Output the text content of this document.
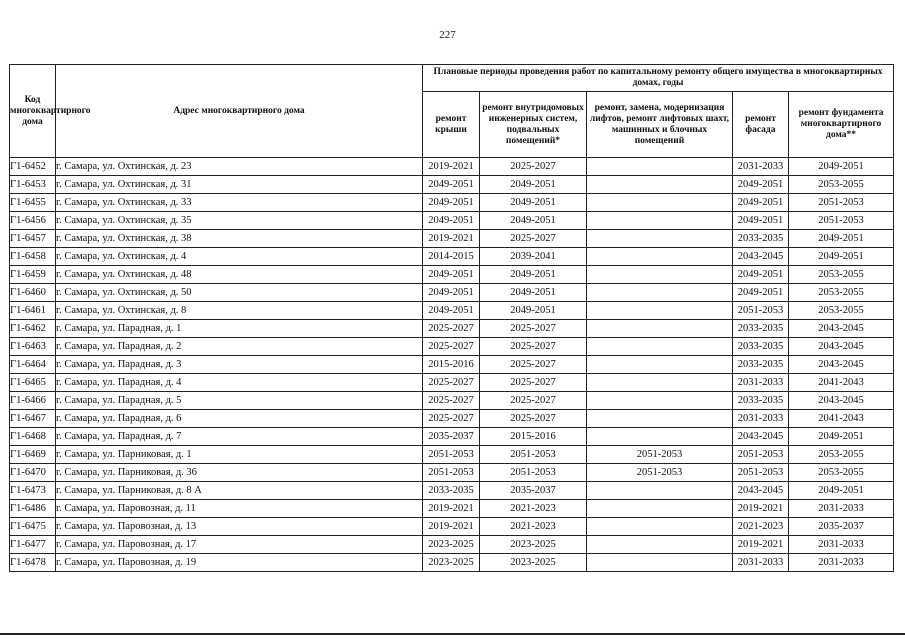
227
Код многоквартирного дома	Адрес многоквартирного дома	Плановые периоды проведения работ по капитальному ремонту общего имущества в многоквартирных домах, годы				
		ремонт крыши	ремонт внутридомовых инженерных систем, подвальных помещений*	ремонт, замена, модернизация лифтов, ремонт лифтовых шахт, машинных и блочных помещений	ремонт фасада	ремонт фундамента многоквартирного дома**
Г1-6452	г. Самара, ул. Охтинская, д. 23	2019-2021	2025-2027		2031-2033	2049-2051
Г1-6453	г. Самара, ул. Охтинская, д. 31	2049-2051	2049-2051		2049-2051	2053-2055
Г1-6455	г. Самара, ул. Охтинская, д. 33	2049-2051	2049-2051		2049-2051	2051-2053
Г1-6456	г. Самара, ул. Охтинская, д. 35	2049-2051	2049-2051		2049-2051	2051-2053
Г1-6457	г. Самара, ул. Охтинская, д. 38	2019-2021	2025-2027		2033-2035	2049-2051
Г1-6458	г. Самара, ул. Охтинская, д. 4	2014-2015	2039-2041		2043-2045	2049-2051
Г1-6459	г. Самара, ул. Охтинская, д. 48	2049-2051	2049-2051		2049-2051	2053-2055
Г1-6460	г. Самара, ул. Охтинская, д. 50	2049-2051	2049-2051		2049-2051	2053-2055
Г1-6461	г. Самара, ул. Охтинская, д. 8	2049-2051	2049-2051		2051-2053	2053-2055
Г1-6462	г. Самара, ул. Парадная, д. 1	2025-2027	2025-2027		2033-2035	2043-2045
Г1-6463	г. Самара, ул. Парадная, д. 2	2025-2027	2025-2027		2033-2035	2043-2045
Г1-6464	г. Самара, ул. Парадная, д. 3	2015-2016	2025-2027		2033-2035	2043-2045
Г1-6465	г. Самара, ул. Парадная, д. 4	2025-2027	2025-2027		2031-2033	2041-2043
Г1-6466	г. Самара, ул. Парадная, д. 5	2025-2027	2025-2027		2033-2035	2043-2045
Г1-6467	г. Самара, ул. Парадная, д. 6	2025-2027	2025-2027		2031-2033	2041-2043
Г1-6468	г. Самара, ул. Парадная, д. 7	2035-2037	2015-2016		2043-2045	2049-2051
Г1-6469	г. Самара, ул. Парниковая, д. 1	2051-2053	2051-2053	2051-2053	2051-2053	2053-2055
Г1-6470	г. Самара, ул. Парниковая, д. 36	2051-2053	2051-2053	2051-2053	2051-2053	2053-2055
Г1-6473	г. Самара, ул. Парниковая, д. 8 А	2033-2035	2035-2037		2043-2045	2049-2051
Г1-6486	г. Самара, ул. Паровозная, д. 11	2019-2021	2021-2023		2019-2021	2031-2033
Г1-6475	г. Самара, ул. Паровозная, д. 13	2019-2021	2021-2023		2021-2023	2035-2037
Г1-6477	г. Самара, ул. Паровозная, д. 17	2023-2025	2023-2025		2019-2021	2031-2033
Г1-6478	г. Самара, ул. Паровозная, д. 19	2023-2025	2023-2025		2031-2033	2031-2033
